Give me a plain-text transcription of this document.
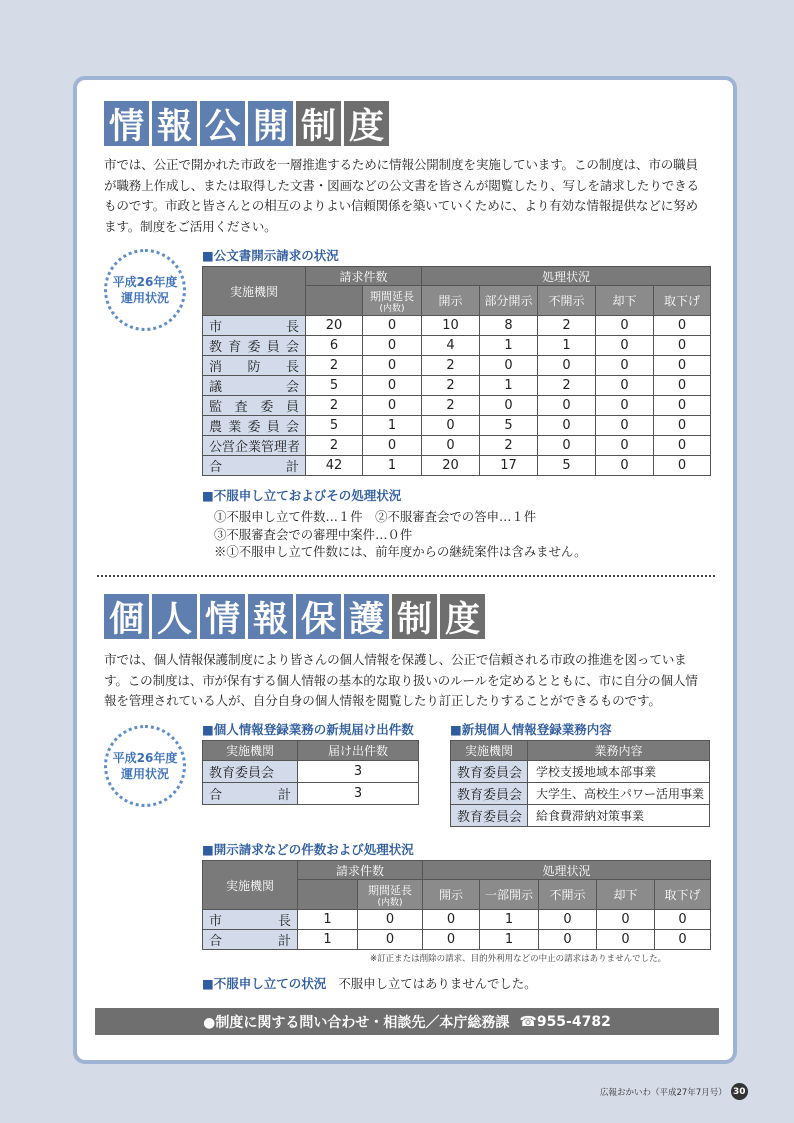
情 報 公 開 制 度
市では、公正で開かれた市政を一層推進するために情報公開制度を実施しています。この制度は、市の職員が職務上作成し、または取得した文書・図画などの公文書を皆さんが閲覧したり、写しを請求したりできるものです。市政と皆さんとの相互のよりよい信頼関係を築いていくために、より有効な情報提供などに努めます。制度をご活用ください。
平成26年度
運用状況
■公文書開示請求の状況
実施機関	請求件数		処理状況				

		期間延長
(内数)	開示	部分開示	不開示	却下	取下げ

市長	20	0	10	8	2	0	0

教育委員会	6	0	4	1	1	0	0

消防長	2	0	2	0	0	0	0

議会	5	0	2	1	2	0	0

監査委員	2	0	2	0	0	0	0

農業委員会	5	1	0	5	0	0	0

公営企業管理者	2	0	0	2	0	0	0

合計	42	1	20	17	5	0	0
■不服申し立ておよびその処理状況
①不服申し立て件数…１件　②不服審査会での答申…１件
③不服審査会での審理中案件…０件
※①不服申し立て件数には、前年度からの継続案件は含みません。
個 人 情 報 保 護 制 度
市では、個人情報保護制度により皆さんの個人情報を保護し、公正で信頼される市政の推進を図っています。この制度は、市が保有する個人情報の基本的な取り扱いのルールを定めるとともに、市に自分の個人情報を管理されている人が、自分自身の個人情報を閲覧したり訂正したりすることができるものです。
平成26年度
運用状況
■個人情報登録業務の新規届け出件数
実施機関	届け出件数
教育委員会	3

合計	3
■新規個人情報登録業務内容
実施機関	業務内容
教育委員会	学校支援地域本部事業
教育委員会	大学生、高校生パワー活用事業
教育委員会	給食費滞納対策事業
■開示請求などの件数および処理状況
実施機関	請求件数		処理状況				

		期間延長
(内数)	開示	一部開示	不開示	却下	取下げ

市長	1	0	0	1	0	0	0

合計	1	0	0	1	0	0	0
※訂正または削除の請求、目的外利用などの中止の請求はありませんでした。
■不服申し立ての状況 不服申し立てはありませんでした。
●制度に関する問い合わせ・相談先／本庁総務課 ☎955-4782
広報おかいわ（平成27年7月号） 30
